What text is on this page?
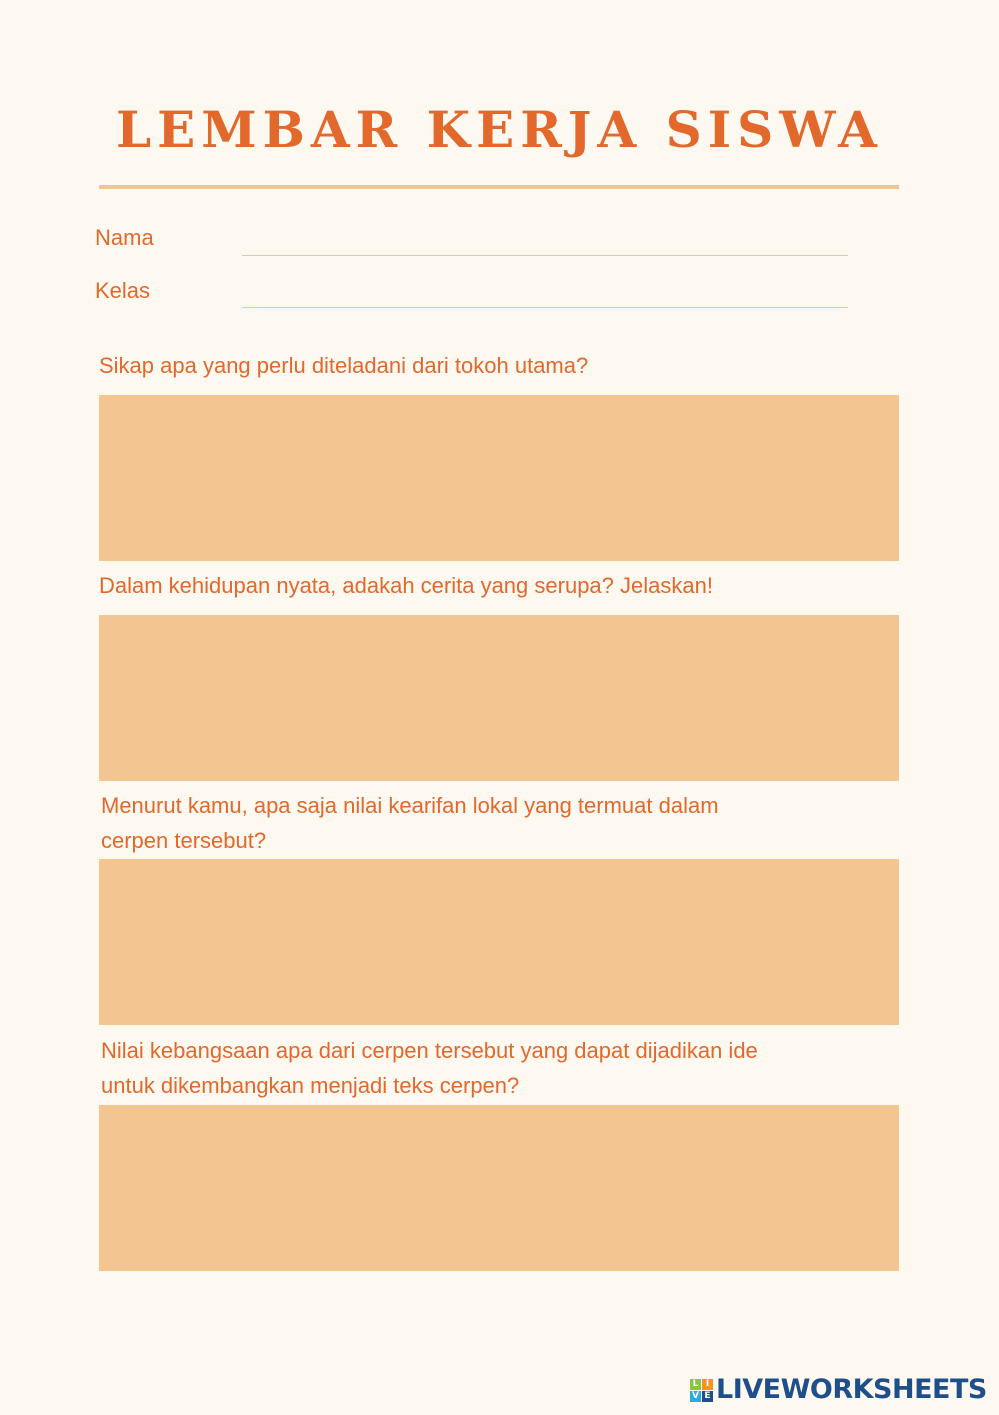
LEMBAR KERJA SISWA
Nama
Kelas
Sikap apa yang perlu diteladani dari tokoh utama?
Dalam kehidupan nyata, adakah cerita yang serupa? Jelaskan!
Menurut kamu, apa saja nilai kearifan lokal yang termuat dalam
cerpen tersebut?
Nilai kebangsaan apa dari cerpen tersebut yang dapat dijadikan ide
untuk dikembangkan menjadi teks cerpen?
L I
V E LIVEWORKSHEETS
